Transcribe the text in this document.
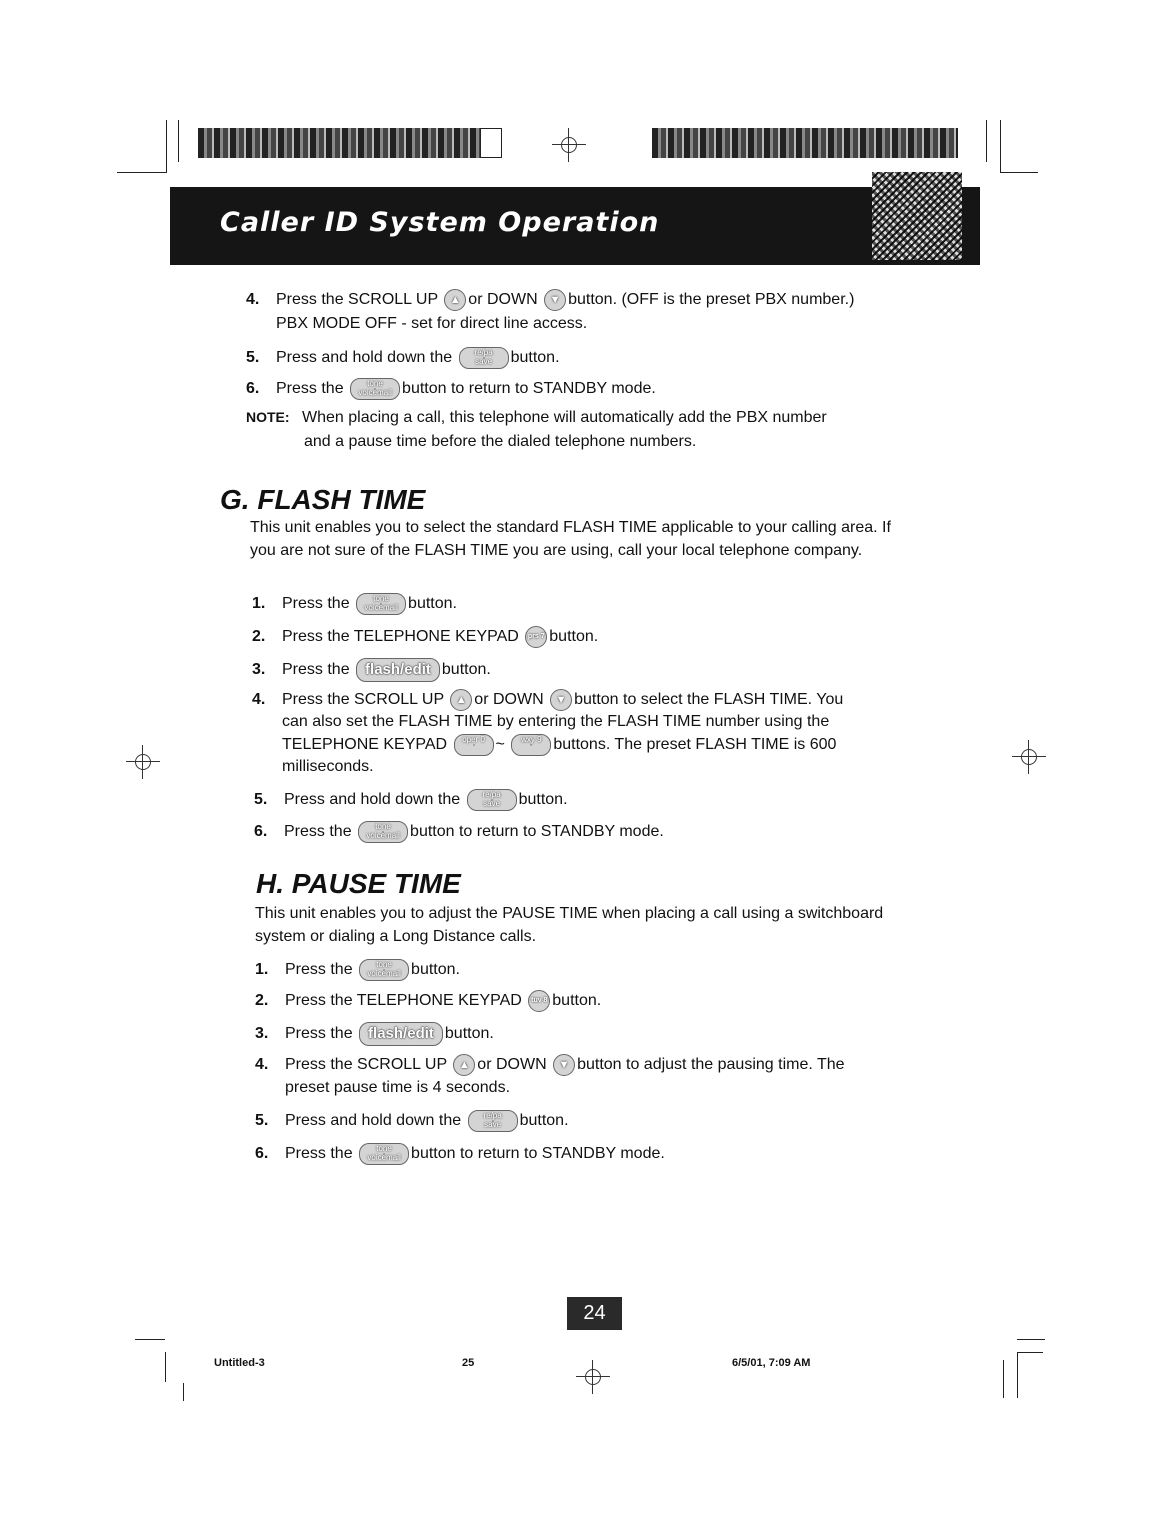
Caller ID System Operation
4. Press the SCROLL UP ▲ or DOWN ▼ button. (OFF is the preset PBX number.)
PBX MODE OFF - set for direct line access.
5. Press and hold down the	re/pa
save button.
6. Press the	tone
voicemail button to return to STANDBY mode.
NOTE: When placing a call, this telephone will automatically add the PBX number
and a pause time before the dialed telephone numbers.
G. FLASH TIME
This unit enables you to select the standard FLASH TIME applicable to your calling area. If you are not sure of the FLASH TIME you are using, call your local telephone company.
1. Press the	tone
voicemail button.
2. Press the TELEPHONE KEYPAD prs 7 button.
3. Press the flash/edit button.
4. Press the SCROLL UP ▲ or DOWN ▼ button to select the FLASH TIME. You
can also set the FLASH TIME by entering the FLASH TIME number using the
TELEPHONE KEYPAD oper 0 ~ wxy 9 buttons. The preset FLASH TIME is 600
milliseconds.
5. Press and hold down the	re/pa
save button.
6. Press the	tone
voicemail button to return to STANDBY mode.
H. PAUSE TIME
This unit enables you to adjust the PAUSE TIME when placing a call using a switchboard system or dialing a Long Distance calls.
1. Press the	tone
voicemail button.
2. Press the TELEPHONE KEYPAD tuv 8 button.
3. Press the flash/edit button.
4. Press the SCROLL UP ▲ or DOWN ▼ button to adjust the pausing time. The
preset pause time is 4 seconds.
5. Press and hold down the	re/pa
save button.
6. Press the	tone
voicemail button to return to STANDBY mode.
24
Untitled-3	25	6/5/01, 7:09 AM
